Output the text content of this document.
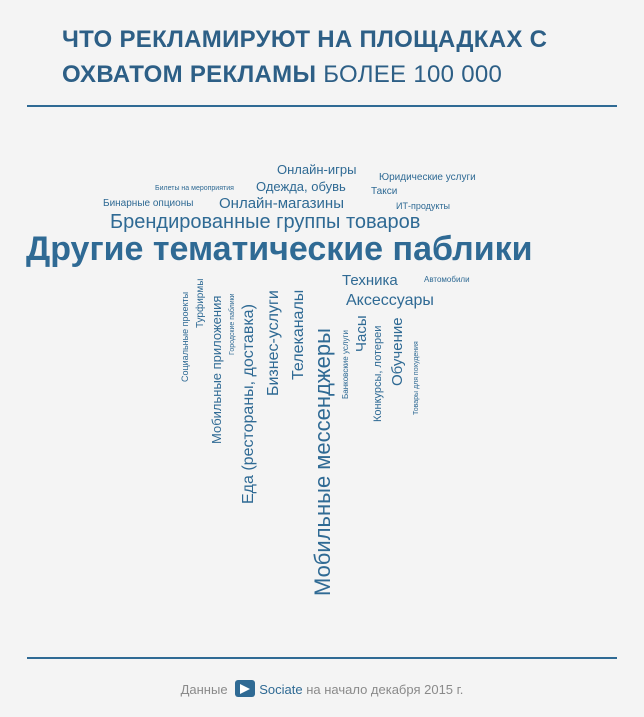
ЧТО РЕКЛАМИРУЮТ НА ПЛОЩАДКАХ С ОХВАТОМ РЕКЛАМЫ БОЛЕЕ 100 000
Онлайн-игры
Юридические услуги
Билеты на мероприятия Одежда, обувь	Такси
Бинарные опционы Онлайн-магазины	ИТ-продукты
Брендированные группы товаров
Другие тематические паблики
Техника	Автомобили
Аксессуары
Социальные проекты Турфирмы Мобильные приложения Городские паблики Еда (рестораны, доставка) Бизнес-услуги Телеканалы Мобильные мессенджеры Банковские услуги Часы Конкурсы, лотереи Обучение Товары для похудения
Данные Sociate на начало декабря 2015 г.
